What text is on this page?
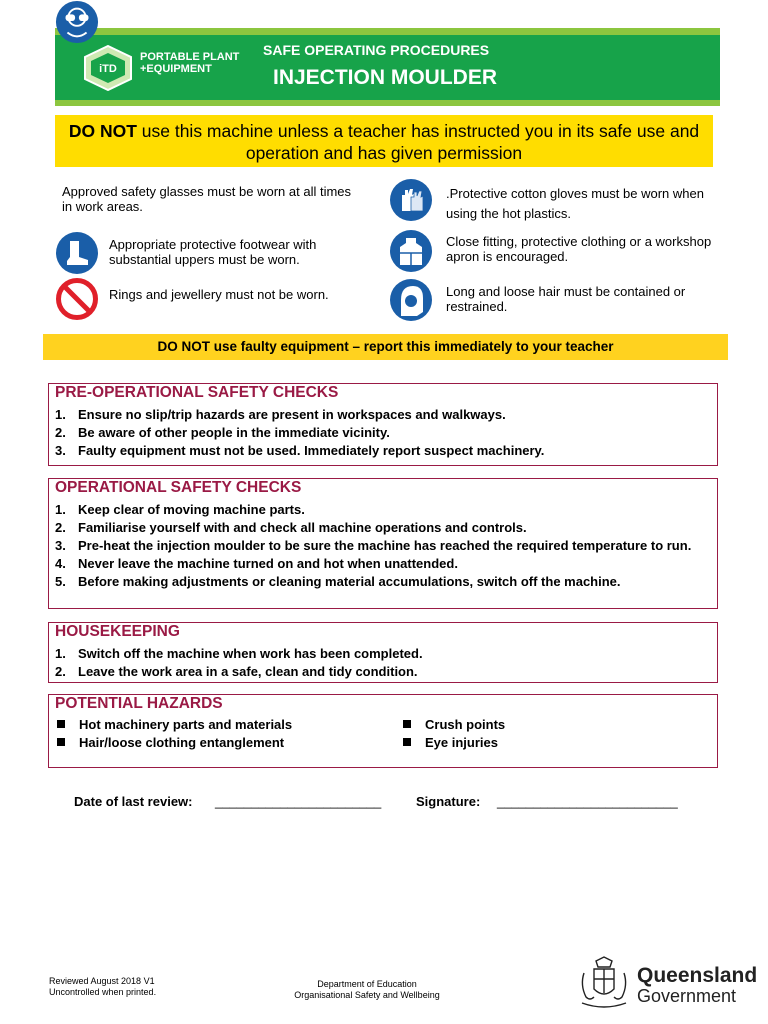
iTD
PORTABLE PLANT
+EQUIPMENT
SAFE OPERATING PROCEDURES
INJECTION MOULDER
DO NOT use this machine unless a teacher has instructed you in its safe use and operation and has given permission
Approved safety glasses must be worn at all times in work areas.
Appropriate protective footwear with substantial uppers must be worn.
Rings and jewellery must not be worn.
.Protective cotton gloves must be worn when using the hot plastics.
Close fitting, protective clothing or a workshop apron is encouraged.
Long and loose hair must be contained or restrained.
DO NOT use faulty equipment – report this immediately to your teacher
PRE-OPERATIONAL SAFETY CHECKS
1. Ensure no slip/trip hazards are present in workspaces and walkways.
2. Be aware of other people in the immediate vicinity.
3. Faulty equipment must not be used. Immediately report suspect machinery.
OPERATIONAL SAFETY CHECKS
1. Keep clear of moving machine parts.
2. Familiarise yourself with and check all machine operations and controls.
3. Pre-heat the injection moulder to be sure the machine has reached the required temperature to run.
4. Never leave the machine turned on and hot when unattended.
5. Before making adjustments or cleaning material accumulations, switch off the machine.
HOUSEKEEPING
1. Switch off the machine when work has been completed.
2. Leave the work area in a safe, clean and tidy condition.
POTENTIAL HAZARDS
Hot machinery parts and materials
Hair/loose clothing entanglement
Crush points
Eye injuries
Date of last review: _______________________	Signature: _________________________
Reviewed August 2018 V1
Uncontrolled when printed.
Department of Education
Organisational Safety and Wellbeing
Queensland
Government
